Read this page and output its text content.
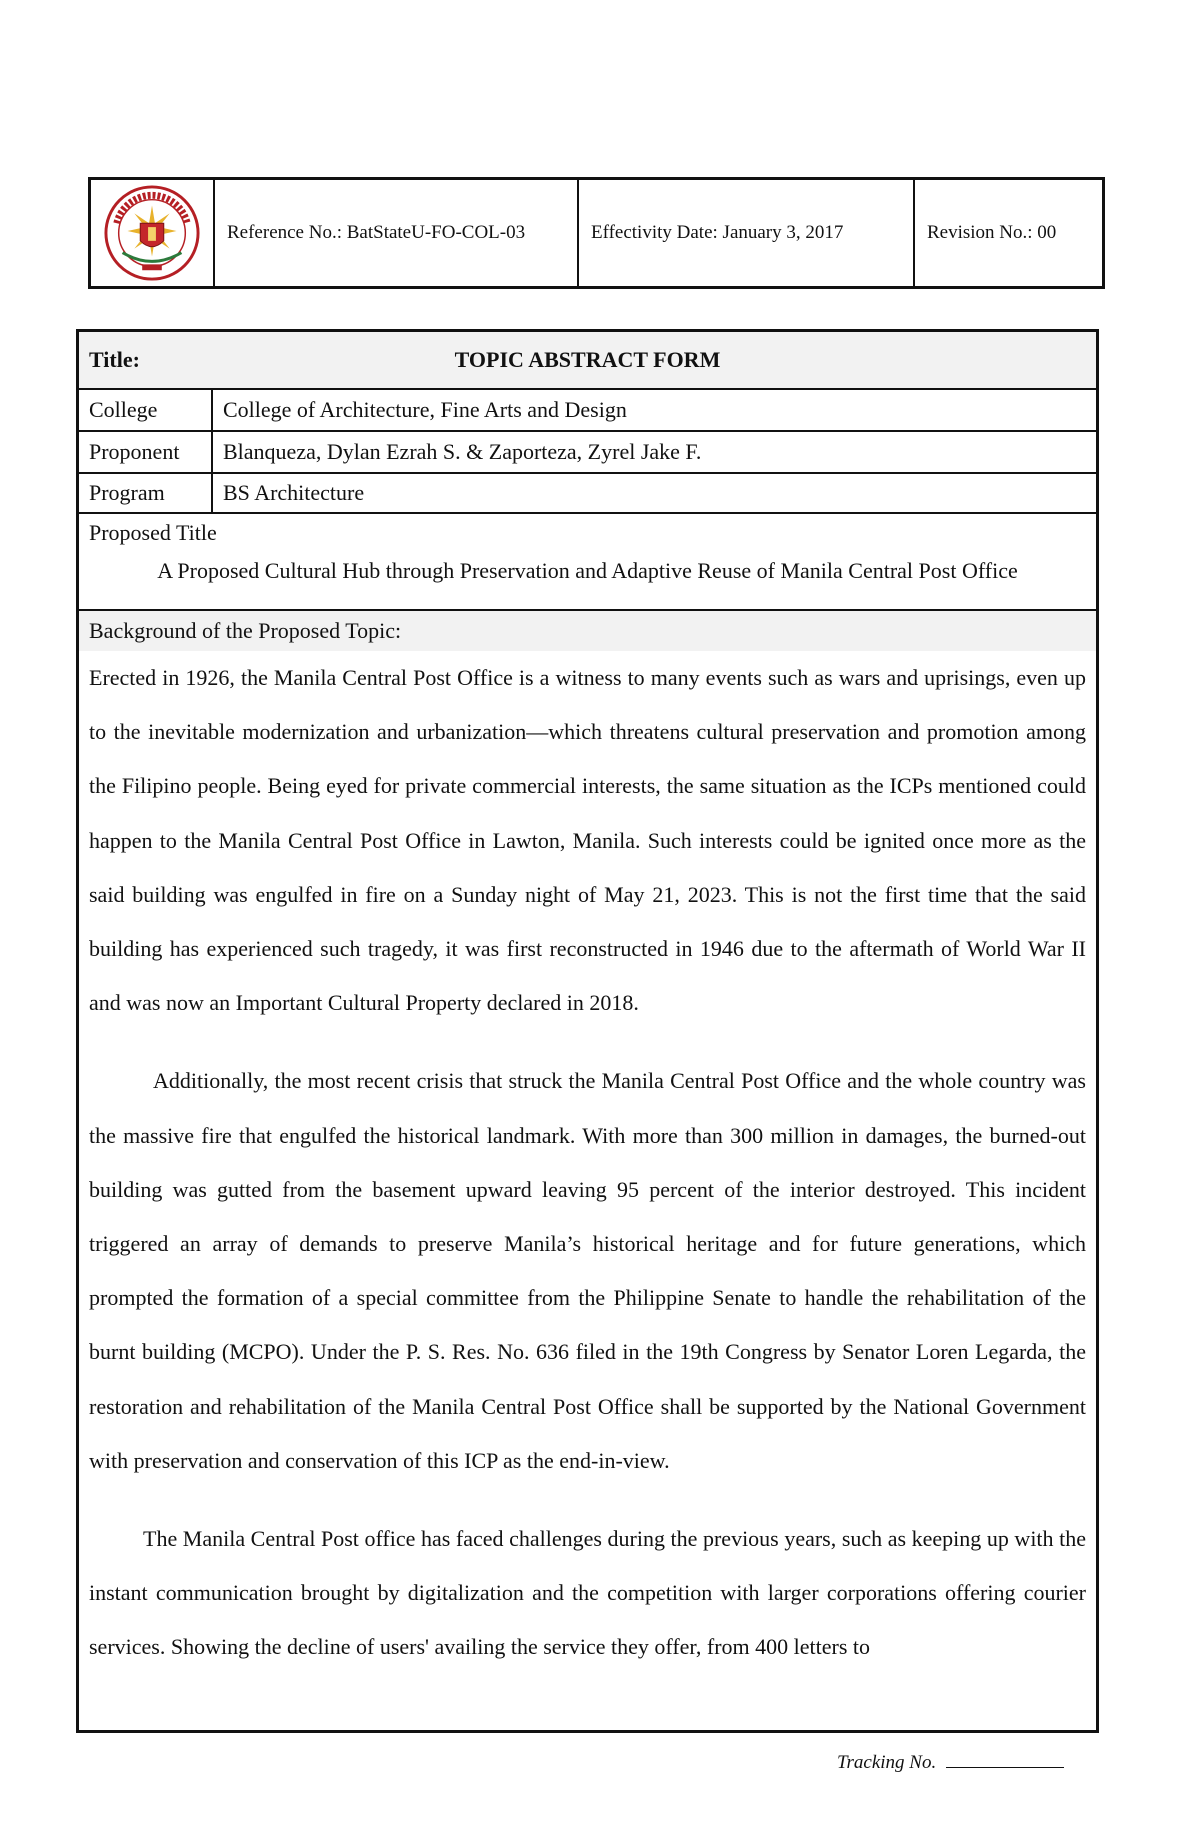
Reference No.: BatStateU-FO-COL-03	Effectivity Date: January 3, 2017	Revision No.: 00
Title:	TOPIC ABSTRACT FORM
College	College of Architecture, Fine Arts and Design
Proponent	Blanqueza, Dylan Ezrah S. & Zaporteza, Zyrel Jake F.
Program	BS Architecture
Proposed Title
A Proposed Cultural Hub through Preservation and Adaptive Reuse of Manila Central Post Office
Background of the Proposed Topic:

Erected in 1926, the Manila Central Post Office is a witness to many events such as wars and uprisings, even up to the inevitable modernization and urbanization—which threatens cultural preservation and promotion among the Filipino people. Being eyed for private commercial interests, the same situation as the ICPs mentioned could happen to the Manila Central Post Office in Lawton, Manila. Such interests could be ignited once more as the said building was engulfed in fire on a Sunday night of May 21, 2023. This is not the first time that the said building has experienced such tragedy, it was first reconstructed in 1946 due to the aftermath of World War II and was now an Important Cultural Property declared in 2018.

Additionally, the most recent crisis that struck the Manila Central Post Office and the whole country was the massive fire that engulfed the historical landmark. With more than 300 million in damages, the burned-out building was gutted from the basement upward leaving 95 percent of the interior destroyed. This incident triggered an array of demands to preserve Manila’s historical heritage and for future generations, which prompted the formation of a special committee from the Philippine Senate to handle the rehabilitation of the burnt building (MCPO). Under the P. S. Res. No. 636 filed in the 19th Congress by Senator Loren Legarda, the restoration and rehabilitation of the Manila Central Post Office shall be supported by the National Government with preservation and conservation of this ICP as the end-in-view.

The Manila Central Post office has faced challenges during the previous years, such as keeping up with the instant communication brought by digitalization and the competition with larger corporations offering courier services. Showing the decline of users' availing the service they offer, from 400 letters to

Tracking No.
